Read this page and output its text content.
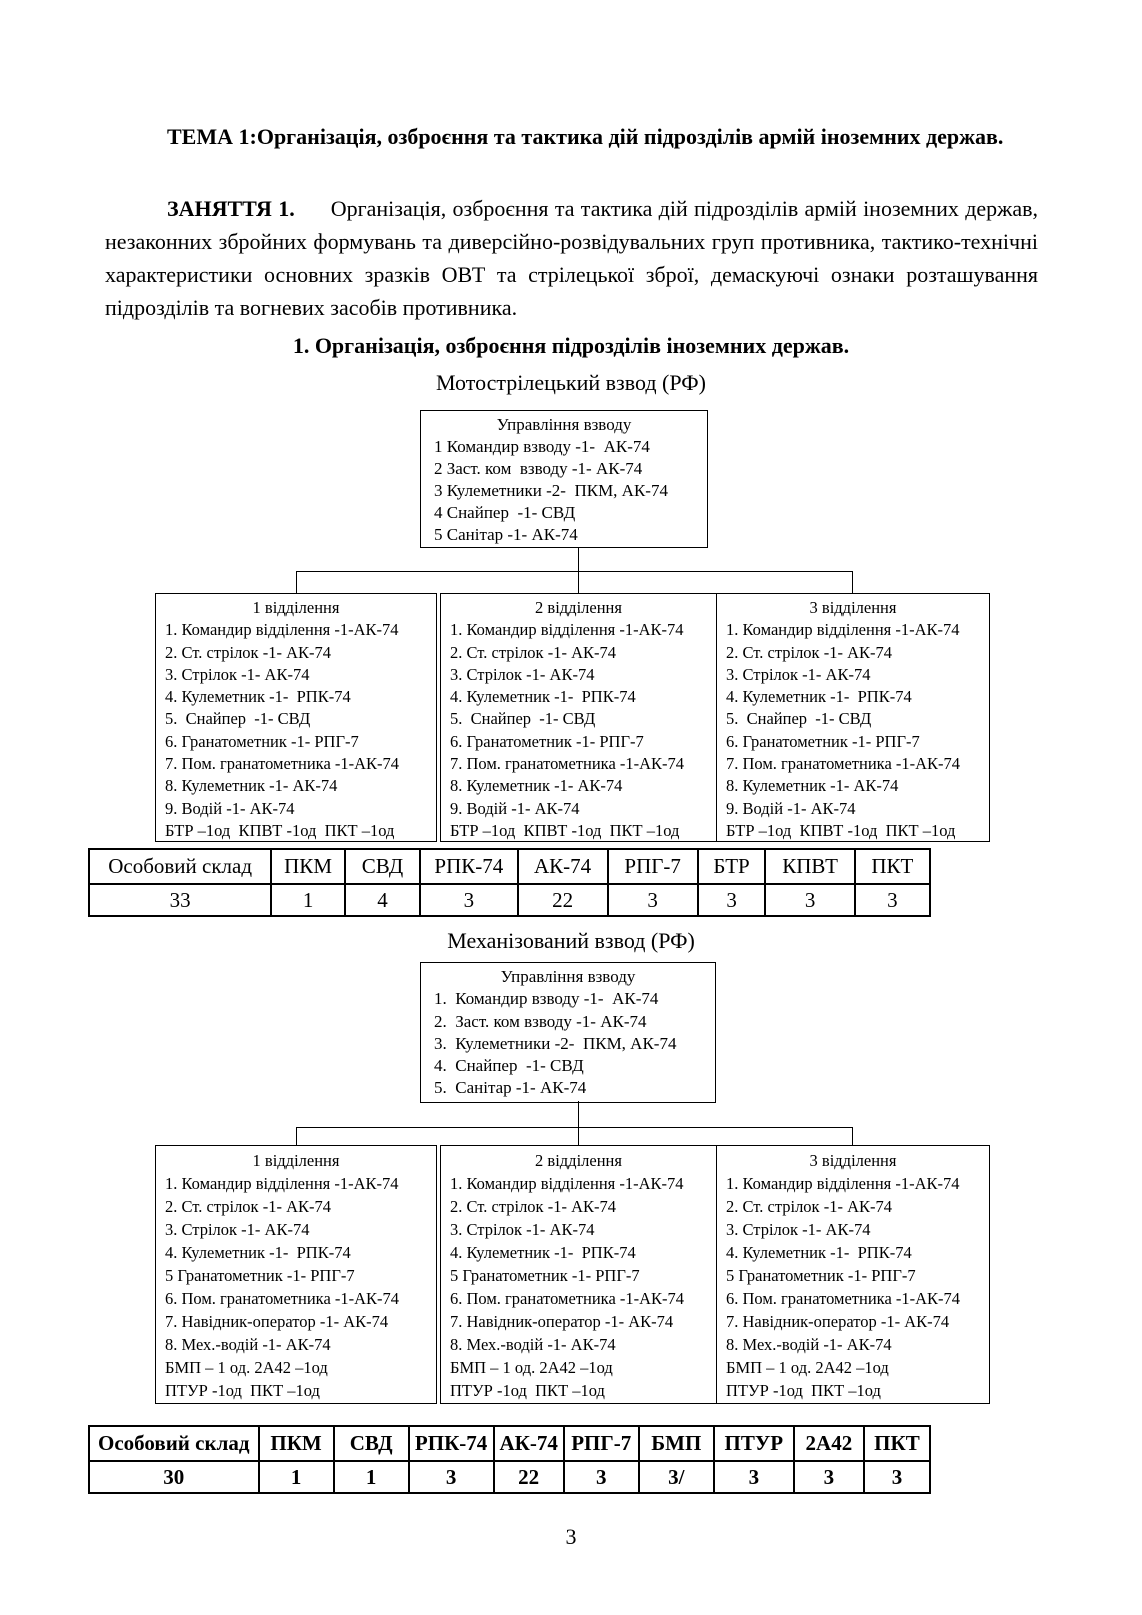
ТЕМА 1:Організація, озброєння та тактика дій підрозділів армій іноземних держав.

ЗАНЯТТЯ 1. Організація, озброєння та тактика дій підрозділів армій іноземних держав, незаконних збройних формувань та диверсійно-розвідувальних груп противника, тактико-технічні характеристики основних зразків ОВТ та стрілецької зброї, демаскуючі ознаки розташування підрозділів та вогневих засобів противника.

1. Організація, озброєння підрозділів іноземних держав.
Мотострілецький взвод (РФ)
Управління взводу
1 Командир взводу -1-  АК-74
2 Заст. ком  взводу -1- АК-74
3 Кулеметники -2-  ПКМ, АК-74
4 Снайпер  -1- СВД
5 Санітар -1- АК-74
1 відділення
1. Командир відділення -1-АК-74
2. Ст. стрілок -1- АК-74
3. Стрілок -1- АК-74
4. Кулеметник -1-  РПК-74
5.  Снайпер  -1- СВД
6. Гранатометник -1- РПГ-7
7. Пом. гранатометника -1-АК-74
8. Кулеметник -1- АК-74
9. Водій -1- АК-74
БТР –1од  КПВТ -1од  ПКТ –1од
2 відділення
1. Командир відділення -1-АК-74
2. Ст. стрілок -1- АК-74
3. Стрілок -1- АК-74
4. Кулеметник -1-  РПК-74
5.  Снайпер  -1- СВД
6. Гранатометник -1- РПГ-7
7. Пом. гранатометника -1-АК-74
8. Кулеметник -1- АК-74
9. Водій -1- АК-74
БТР –1од  КПВТ -1од  ПКТ –1од
3 відділення
1. Командир відділення -1-АК-74
2. Ст. стрілок -1- АК-74
3. Стрілок -1- АК-74
4. Кулеметник -1-  РПК-74
5.  Снайпер  -1- СВД
6. Гранатометник -1- РПГ-7
7. Пом. гранатометника -1-АК-74
8. Кулеметник -1- АК-74
9. Водій -1- АК-74
БТР –1од  КПВТ -1од  ПКТ –1од
Особовий склад	ПКМ	СВД	РПК-74	АК-74	РПГ-7	БТР	КПВТ	ПКТ
33	1	4	3	22	3	3	3	3
Механізований взвод (РФ)
Управління взводу
1.  Командир взводу -1-  АК-74
2.  Заст. ком взводу -1- АК-74
3.  Кулеметники -2-  ПКМ, АК-74
4.  Снайпер  -1- СВД
5.  Санітар -1- АК-74
1 відділення
1. Командир відділення -1-АК-74
2. Ст. стрілок -1- АК-74
3. Стрілок -1- АК-74
4. Кулеметник -1-  РПК-74
5 Гранатометник -1- РПГ-7
6. Пом. гранатометника -1-АК-74
7. Навідник-оператор -1- АК-74
8. Мех.-водій -1- АК-74
БМП – 1 од. 2А42 –1од
ПТУР -1од  ПКТ –1од
2 відділення
1. Командир відділення -1-АК-74
2. Ст. стрілок -1- АК-74
3. Стрілок -1- АК-74
4. Кулеметник -1-  РПК-74
5 Гранатометник -1- РПГ-7
6. Пом. гранатометника -1-АК-74
7. Навідник-оператор -1- АК-74
8. Мех.-водій -1- АК-74
БМП – 1 од. 2А42 –1од
ПТУР -1од  ПКТ –1од
3 відділення
1. Командир відділення -1-АК-74
2. Ст. стрілок -1- АК-74
3. Стрілок -1- АК-74
4. Кулеметник -1-  РПК-74
5 Гранатометник -1- РПГ-7
6. Пом. гранатометника -1-АК-74
7. Навідник-оператор -1- АК-74
8. Мех.-водій -1- АК-74
БМП – 1 од. 2А42 –1од
ПТУР -1од  ПКТ –1од
Особовий склад	ПКМ	СВД	РПК-74	АК-74	РПГ-7	БМП	ПТУР	2А42	ПКТ
30	1	1	3	22	3	3/	3	3	3
3
